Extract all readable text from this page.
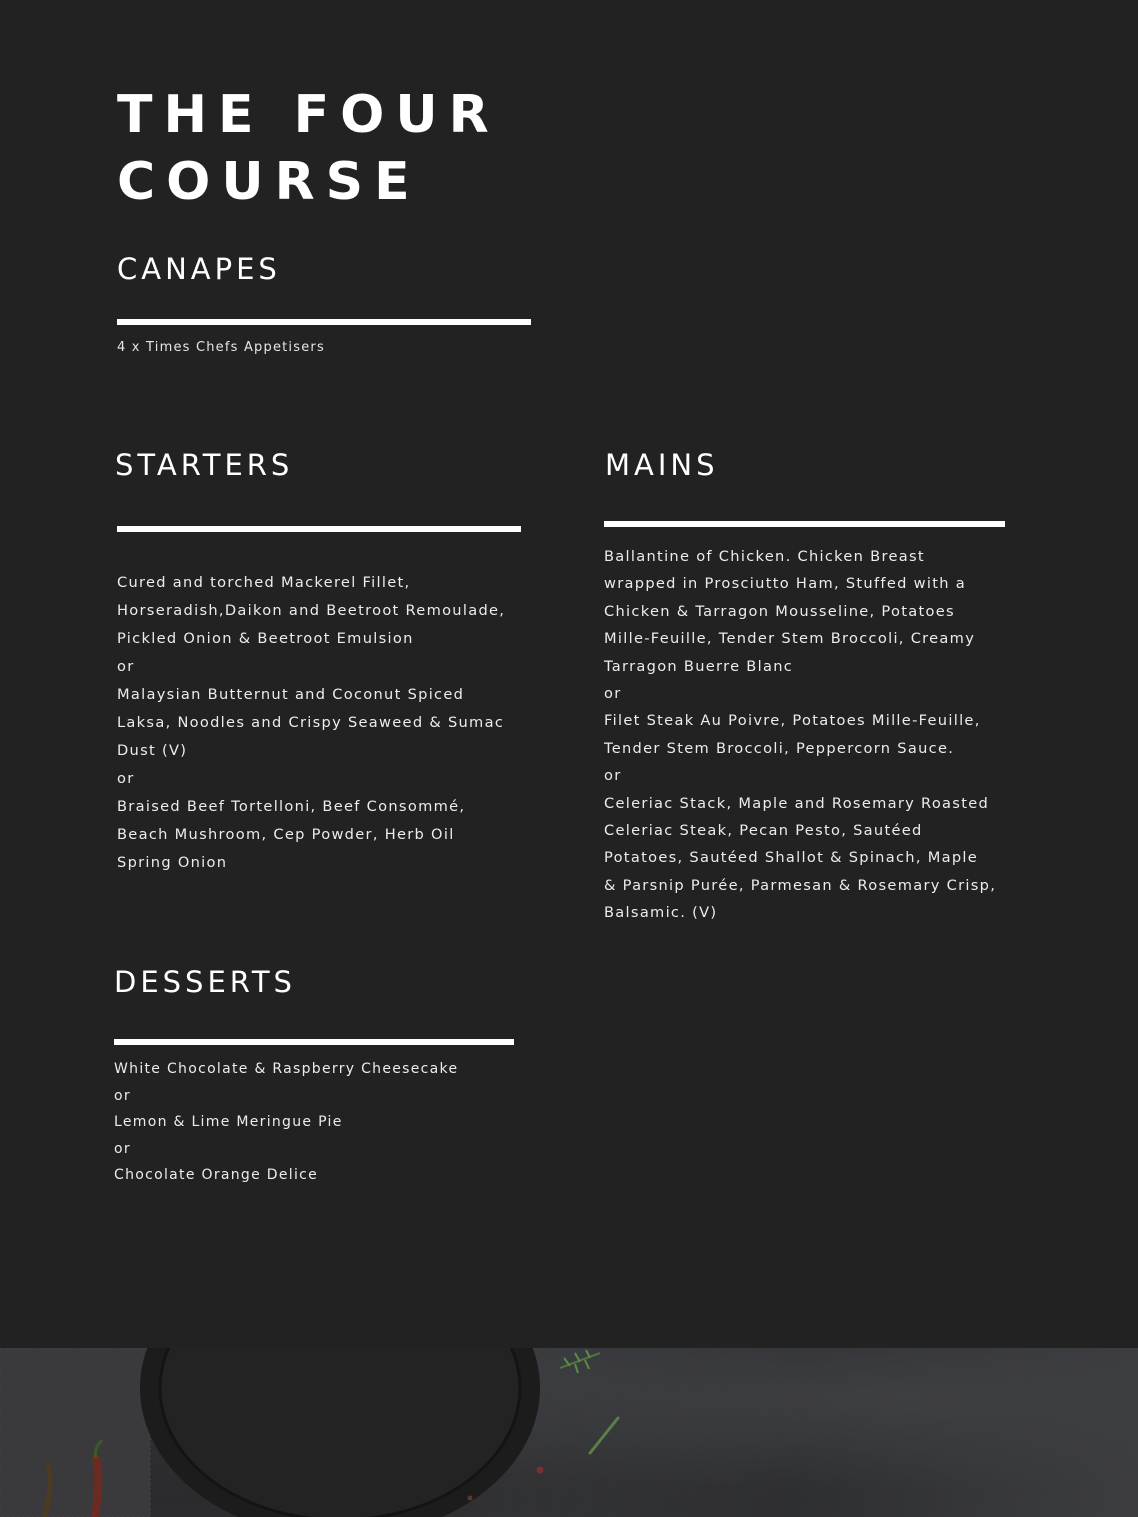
THE FOUR
COURSE
CANAPES

4 x Times Chefs Appetisers

STARTERS
Cured and torched Mackerel Fillet,
Horseradish,Daikon and Beetroot Remoulade,
Pickled Onion & Beetroot Emulsion
or
Malaysian Butternut and Coconut Spiced
Laksa, Noodles and Crispy Seaweed & Sumac
Dust (V)
or
Braised Beef Tortelloni, Beef Consommé,
Beach Mushroom, Cep Powder, Herb Oil
Spring Onion
MAINS
Ballantine of Chicken. Chicken Breast
wrapped in Prosciutto Ham, Stuffed with a
Chicken & Tarragon Mousseline, Potatoes
Mille-Feuille, Tender Stem Broccoli, Creamy
Tarragon Buerre Blanc
or
Filet Steak Au Poivre, Potatoes Mille-Feuille,
Tender Stem Broccoli, Peppercorn Sauce.
or
Celeriac Stack, Maple and Rosemary Roasted
Celeriac Steak, Pecan Pesto, Sautéed
Potatoes, Sautéed Shallot & Spinach, Maple
& Parsnip Purée, Parmesan & Rosemary Crisp,
Balsamic. (V)
DESSERTS
White Chocolate & Raspberry Cheesecake
or
Lemon & Lime Meringue Pie
or
Chocolate Orange Delice
